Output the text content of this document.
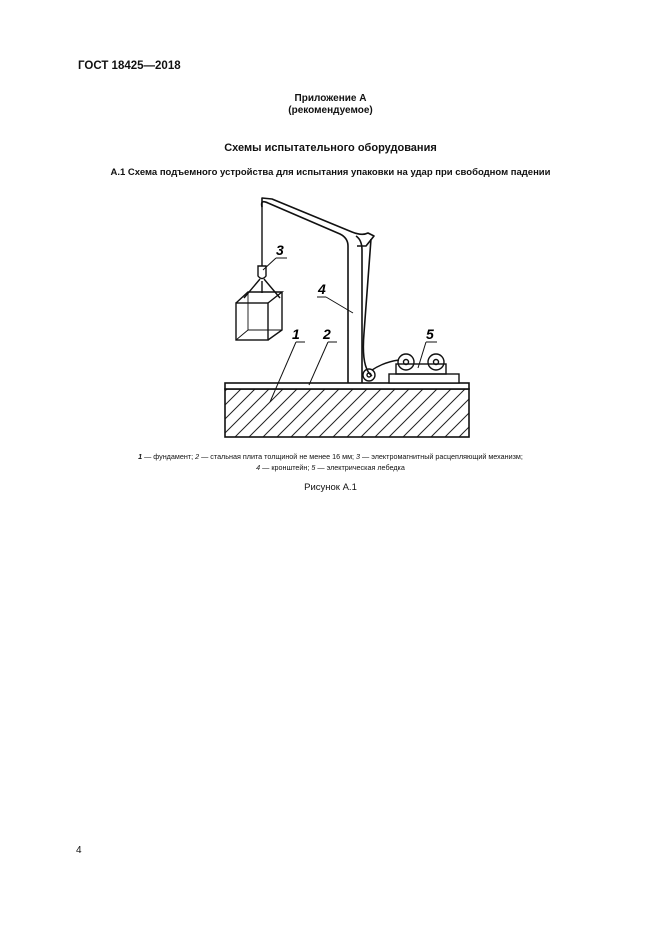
ГОСТ 18425—2018
Приложение А
(рекомендуемое)
Схемы испытательного оборудования
А.1 Схема подъемного устройства для испытания упаковки на удар при свободном падении
1 2
3
4
5
1 — фундамент; 2 — стальная плита толщиной не менее 16 мм; 3 — электромагнитный расцепляющий механизм;
4 — кронштейн; 5 — электрическая лебедка
Рисунок А.1
4
